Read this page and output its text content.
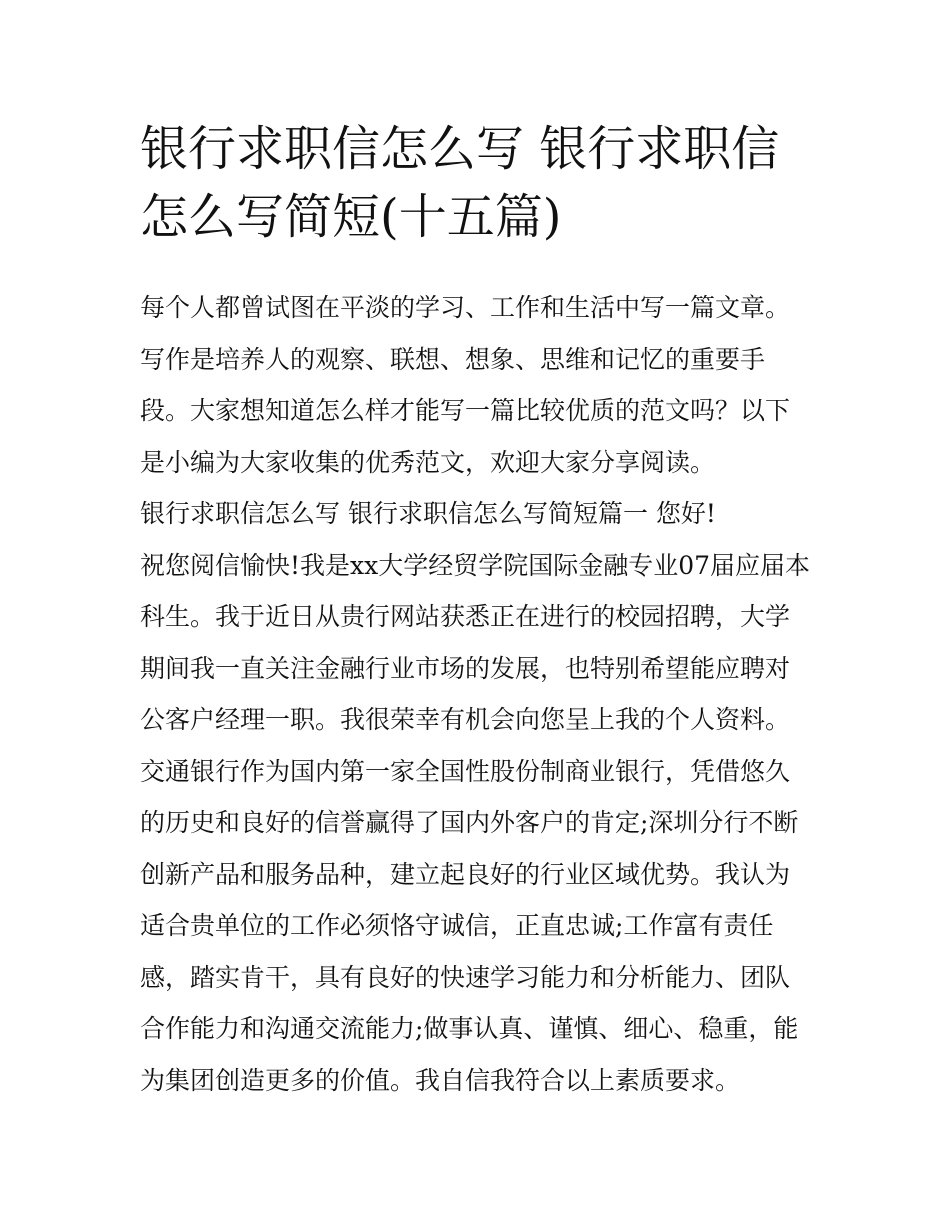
银行求职信怎么写 银行求职信怎么写简短(十五篇)

每个人都曾试图在平淡的学习、工作和生活中写一篇文章。写作是培养人的观察、联想、想象、思维和记忆的重要手段。大家想知道怎么样才能写一篇比较优质的范文吗？以下是小编为大家收集的优秀范文，欢迎大家分享阅读。

银行求职信怎么写 银行求职信怎么写简短篇一 您好!

祝您阅信愉快!我是xx大学经贸学院国际金融专业07届应届本科生。我于近日从贵行网站获悉正在进行的校园招聘，大学期间我一直关注金融行业市场的发展，也特别希望能应聘对公客户经理一职。我很荣幸有机会向您呈上我的个人资料。

交通银行作为国内第一家全国性股份制商业银行，凭借悠久的历史和良好的信誉赢得了国内外客户的肯定;深圳分行不断创新产品和服务品种，建立起良好的行业区域优势。我认为适合贵单位的工作必须恪守诚信，正直忠诚;工作富有责任感，踏实肯干，具有良好的快速学习能力和分析能力、团队合作能力和沟通交流能力;做事认真、谨慎、细心、稳重，能为集团创造更多的价值。我自信我符合以上素质要求。
